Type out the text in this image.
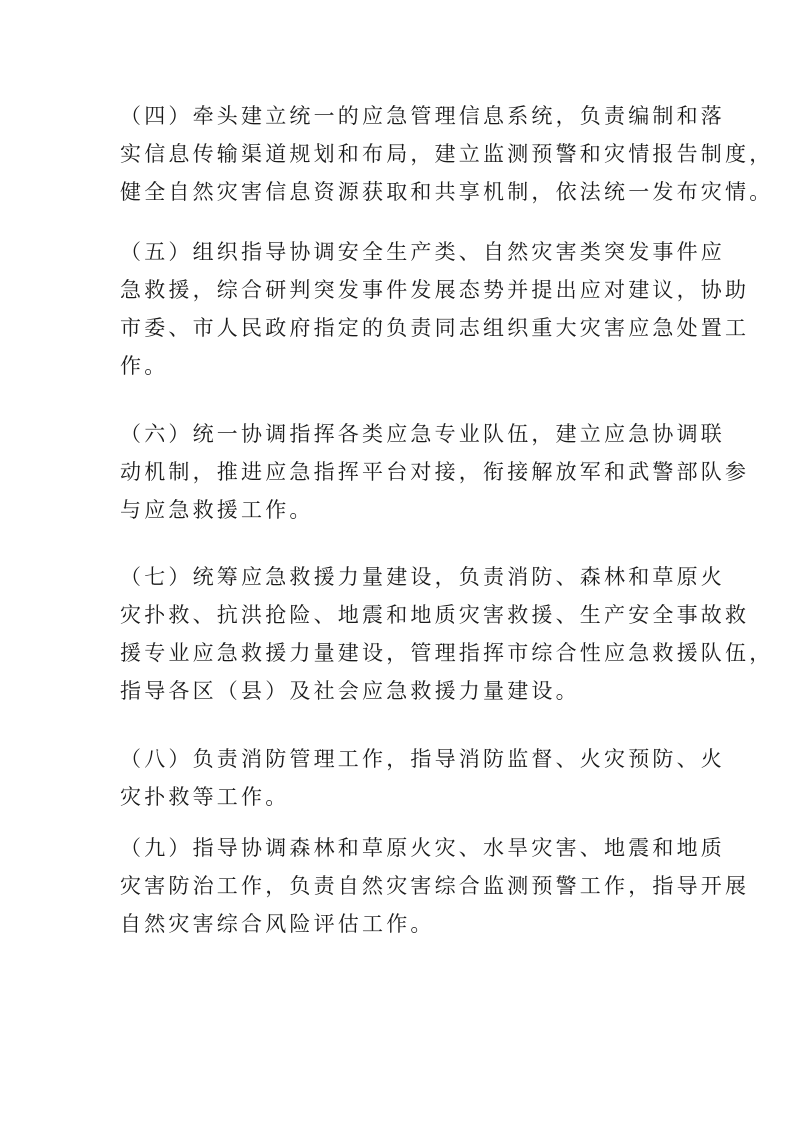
（四）牵头建立统一的应急管理信息系统，负责编制和落
实信息传输渠道规划和布局，建立监测预警和灾情报告制度，
健全自然灾害信息资源获取和共享机制，依法统一发布灾情。

（五）组织指导协调安全生产类、自然灾害类突发事件应
急救援，综合研判突发事件发展态势并提出应对建议，协助
市委、市人民政府指定的负责同志组织重大灾害应急处置工
作。

（六）统一协调指挥各类应急专业队伍，建立应急协调联
动机制，推进应急指挥平台对接，衔接解放军和武警部队参
与应急救援工作。

（七）统筹应急救援力量建设，负责消防、森林和草原火
灾扑救、抗洪抢险、地震和地质灾害救援、生产安全事故救
援专业应急救援力量建设，管理指挥市综合性应急救援队伍，
指导各区（县）及社会应急救援力量建设。

（八）负责消防管理工作，指导消防监督、火灾预防、火
灾扑救等工作。

（九）指导协调森林和草原火灾、水旱灾害、地震和地质
灾害防治工作，负责自然灾害综合监测预警工作，指导开展
自然灾害综合风险评估工作。
